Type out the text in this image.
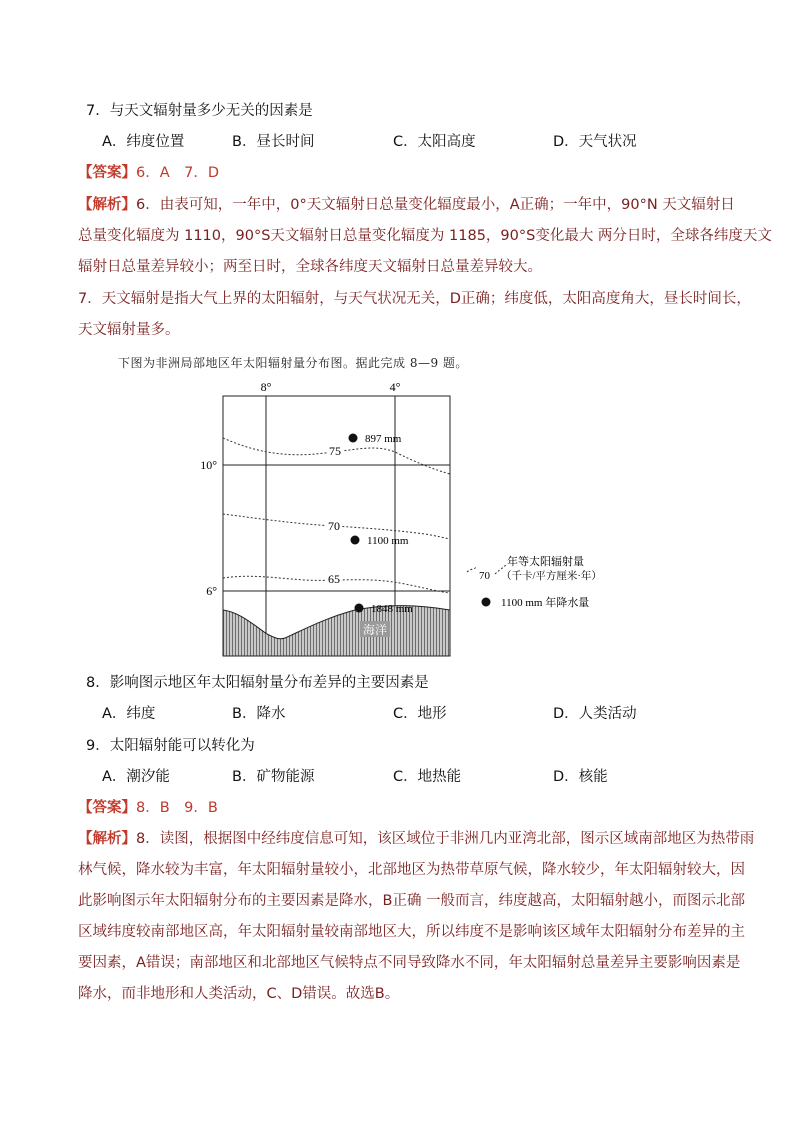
7．与天文辐射量多少无关的因素是
A．纬度位置	B．昼长时间	C．太阳高度	D．天气状况
【答案】6．A　7．D
【解析】6．由表可知，一年中，0°天文辐射日总量变化辐度最小，A正确；一年中，90°N 天文辐射日
总量变化辐度为 1110，90°S天文辐射日总量变化辐度为 1185，90°S变化最大 两分日时，全球各纬度天文
辐射日总量差异较小；两至日时，全球各纬度天文辐射日总量差异较大。
7．天文辐射是指大气上界的太阳辐射，与天气状况无关，D正确；纬度低，太阳高度角大，昼长时间长，
天文辐射量多。
下图为非洲局部地区年太阳辐射量分布图。据此完成 8—9 题。
海洋
75
70
65
897 mm
1100 mm
1848 mm
8°	4°
10°
6°
70
年等太阳辐射量
（千卡/平方厘米·年）
1100 mm 年降水量
8．影响图示地区年太阳辐射量分布差异的主要因素是
A．纬度	B．降水	C．地形	D．人类活动
9．太阳辐射能可以转化为
A．潮汐能	B．矿物能源	C．地热能	D．核能
【答案】8．B　9．B
【解析】8．读图，根据图中经纬度信息可知，该区域位于非洲几内亚湾北部，图示区域南部地区为热带雨
林气候，降水较为丰富，年太阳辐射量较小，北部地区为热带草原气候，降水较少，年太阳辐射较大，因
此影响图示年太阳辐射分布的主要因素是降水，B正确 一般而言，纬度越高，太阳辐射越小，而图示北部
区域纬度较南部地区高，年太阳辐射量较南部地区大，所以纬度不是影响该区域年太阳辐射分布差异的主
要因素，A错误；南部地区和北部地区气候特点不同导致降水不同，年太阳辐射总量差异主要影响因素是
降水，而非地形和人类活动，C、D错误。故选B。
